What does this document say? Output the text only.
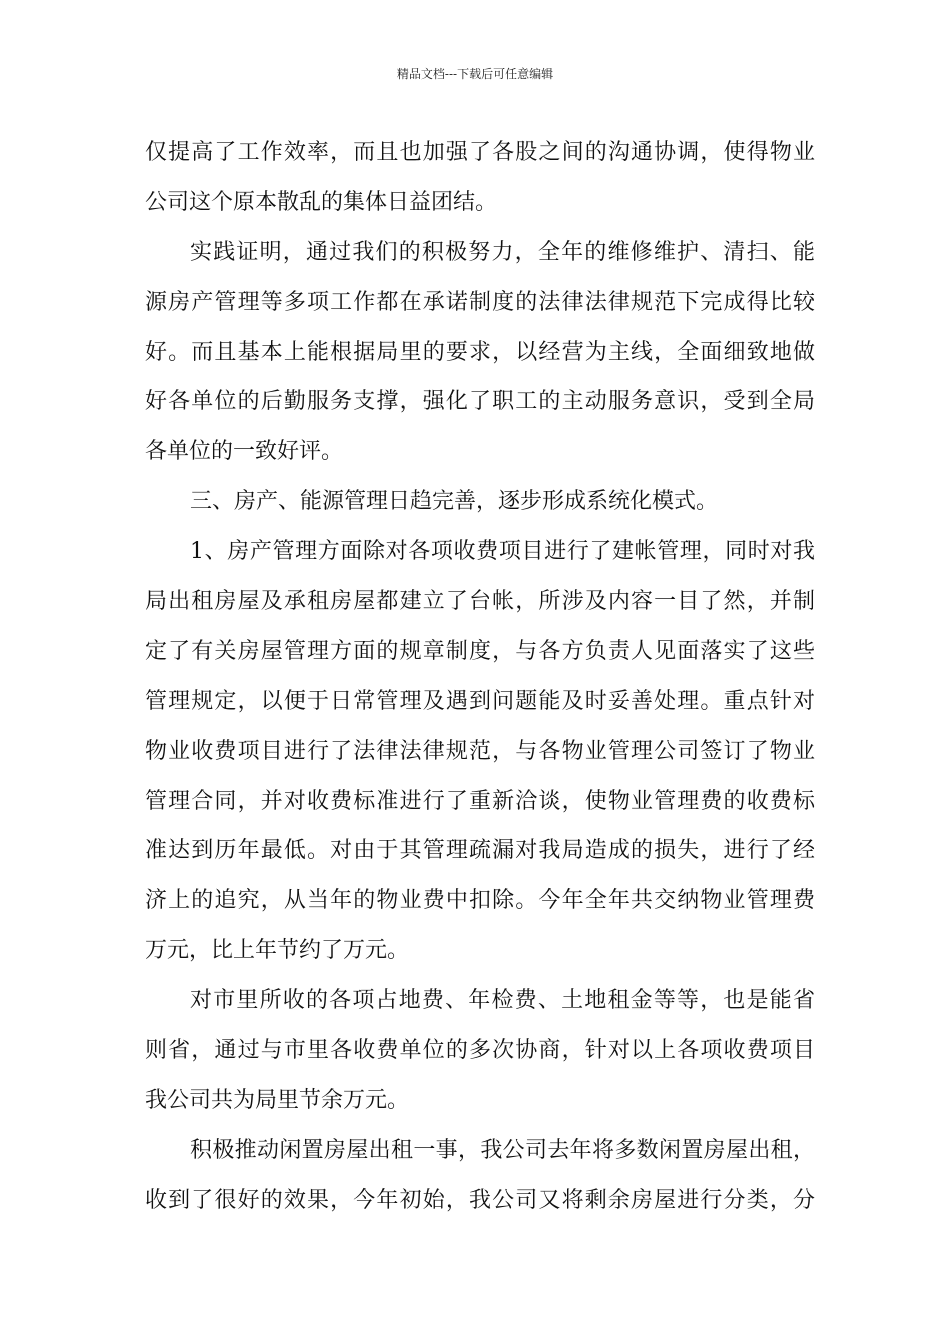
精品文档---下载后可任意编辑
仅提高了工作效率，而且也加强了各股之间的沟通协调，使得物业
公司这个原本散乱的集体日益团结。
实践证明，通过我们的积极努力，全年的维修维护、清扫、能
源房产管理等多项工作都在承诺制度的法律法律规范下完成得比较
好。而且基本上能根据局里的要求，以经营为主线，全面细致地做
好各单位的后勤服务支撑，强化了职工的主动服务意识，受到全局
各单位的一致好评。
三、房产、能源管理日趋完善，逐步形成系统化模式。
1、房产管理方面除对各项收费项目进行了建帐管理，同时对我
局出租房屋及承租房屋都建立了台帐，所涉及内容一目了然，并制
定了有关房屋管理方面的规章制度，与各方负责人见面落实了这些
管理规定，以便于日常管理及遇到问题能及时妥善处理。重点针对
物业收费项目进行了法律法律规范，与各物业管理公司签订了物业
管理合同，并对收费标准进行了重新洽谈，使物业管理费的收费标
准达到历年最低。对由于其管理疏漏对我局造成的损失，进行了经
济上的追究，从当年的物业费中扣除。今年全年共交纳物业管理费
万元，比上年节约了万元。
对市里所收的各项占地费、年检费、土地租金等等，也是能省
则省，通过与市里各收费单位的多次协商，针对以上各项收费项目
我公司共为局里节余万元。
积极推动闲置房屋出租一事，我公司去年将多数闲置房屋出租，
收到了很好的效果，今年初始，我公司又将剩余房屋进行分类，分
